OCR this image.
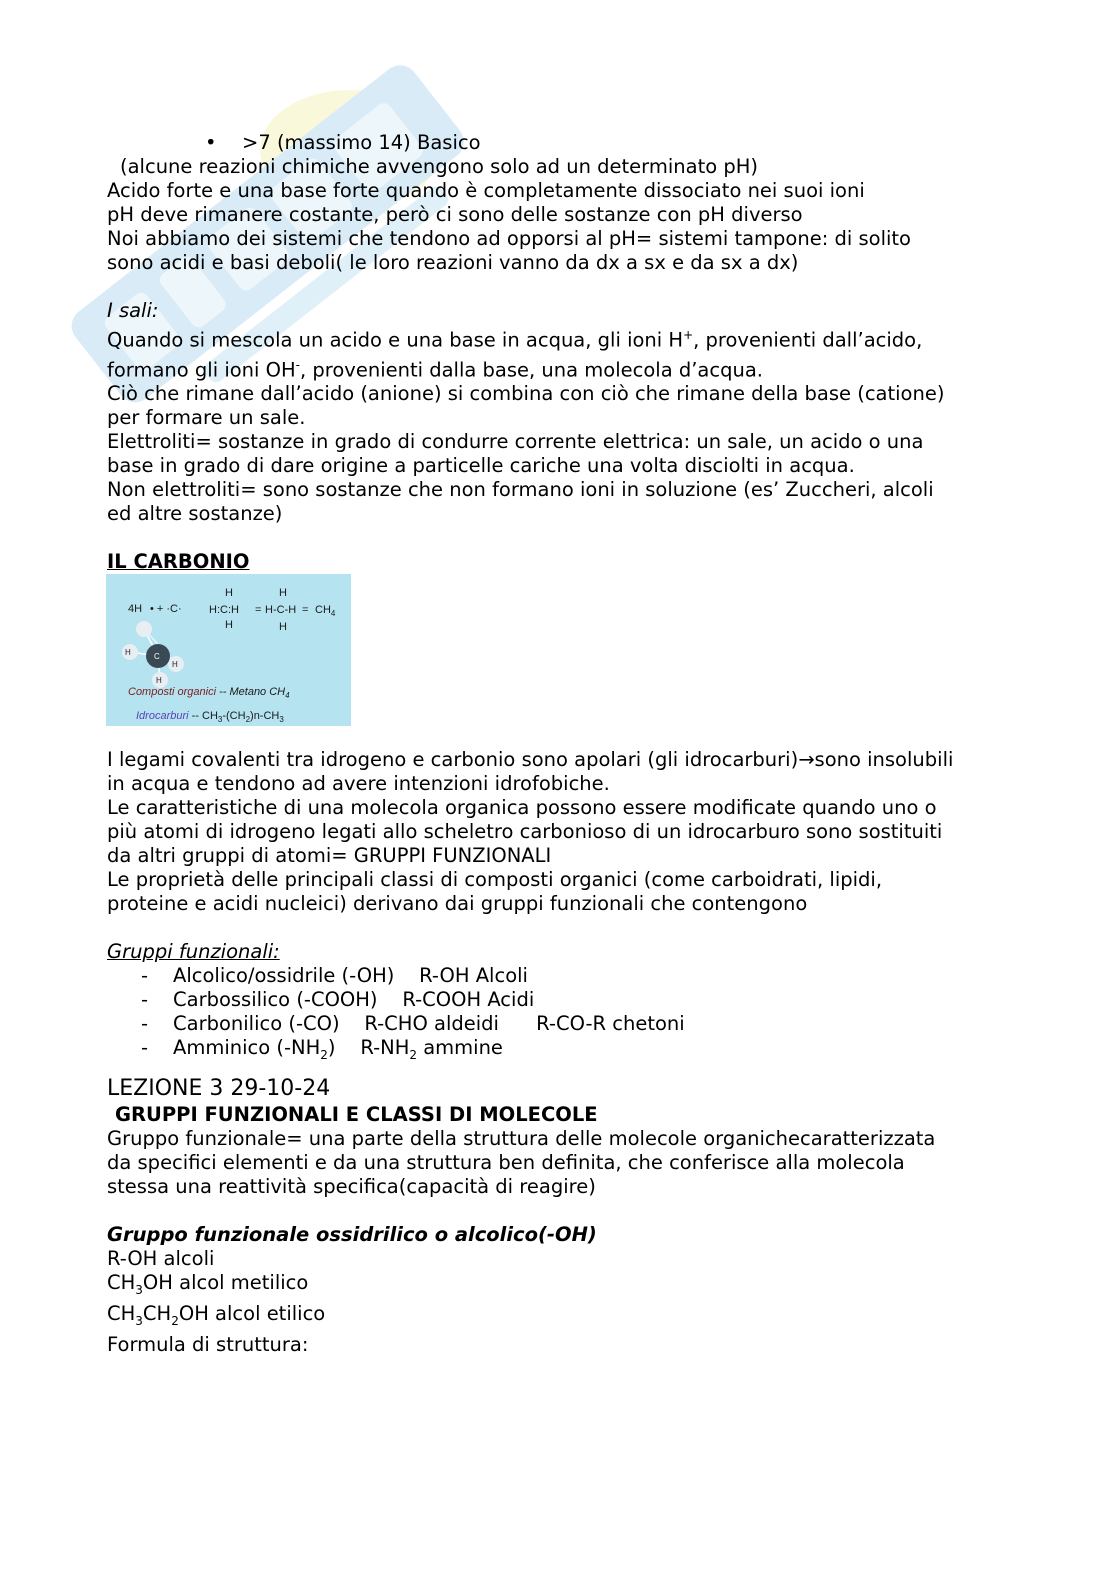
• >7 (massimo 14) Basico
(alcune reazioni chimiche avvengono solo ad un determinato pH)
Acido forte e una base forte quando è completamente dissociato nei suoi ioni
pH deve rimanere costante, però ci sono delle sostanze con pH diverso
Noi abbiamo dei sistemi che tendono ad opporsi al pH= sistemi tampone: di solito
sono acidi e basi deboli( le loro reazioni vanno da dx a sx e da sx a dx)
I sali:
Quando si mescola un acido e una base in acqua, gli ioni H+, provenienti dall’acido,
formano gli ioni OH-, provenienti dalla base, una molecola d’acqua.
Ciò che rimane dall’acido (anione) si combina con ciò che rimane della base (catione)
per formare un sale.
Elettroliti= sostanze in grado di condurre corrente elettrica: un sale, un acido o una
base in grado di dare origine a particelle cariche una volta disciolti in acqua.
Non elettroliti= sono sostanze che non formano ioni in soluzione (es’ Zuccheri, alcoli
ed altre sostanze)
IL CARBONIO
4H • + ·C·
H
H:C:H
H
=
H
H-C-H
H
= $CH_4$
H
H
H
C
Composti organici -- Metano $CH_4$
Idrocarburi -- $CH_3-(CH_2)n-CH_3$
I legami covalenti tra idrogeno e carbonio sono apolari (gli idrocarburi)→sono insolubili
in acqua e tendono ad avere intenzioni idrofobiche.
Le caratteristiche di una molecola organica possono essere modificate quando uno o
più atomi di idrogeno legati allo scheletro carbonioso di un idrocarburo sono sostituiti
da altri gruppi di atomi= GRUPPI FUNZIONALI
Le proprietà delle principali classi di composti organici (come carboidrati, lipidi,
proteine e acidi nucleici) derivano dai gruppi funzionali che contengono
Gruppi funzionali:
- Alcolico/ossidrile (-OH) R-OH Alcoli
- Carbossilico (-COOH) R-COOH Acidi
- Carbonilico (-CO) R-CHO aldeidi R-CO-R chetoni
- Amminico $(-NH_2)$ $R-NH_2$ ammine
LEZIONE 3 29-10-24
GRUPPI FUNZIONALI E CLASSI DI MOLECOLE
Gruppo funzionale= una parte della struttura delle molecole organichecaratterizzata
da specifici elementi e da una struttura ben definita, che conferisce alla molecola
stessa una reattività specifica(capacità di reagire)
Gruppo funzionale ossidrilico o alcolico(-OH)
R-OH alcoli
$CH_3OH$ alcol metilico
$CH_3CH_2OH$ alcol etilico
Formula di struttura:
